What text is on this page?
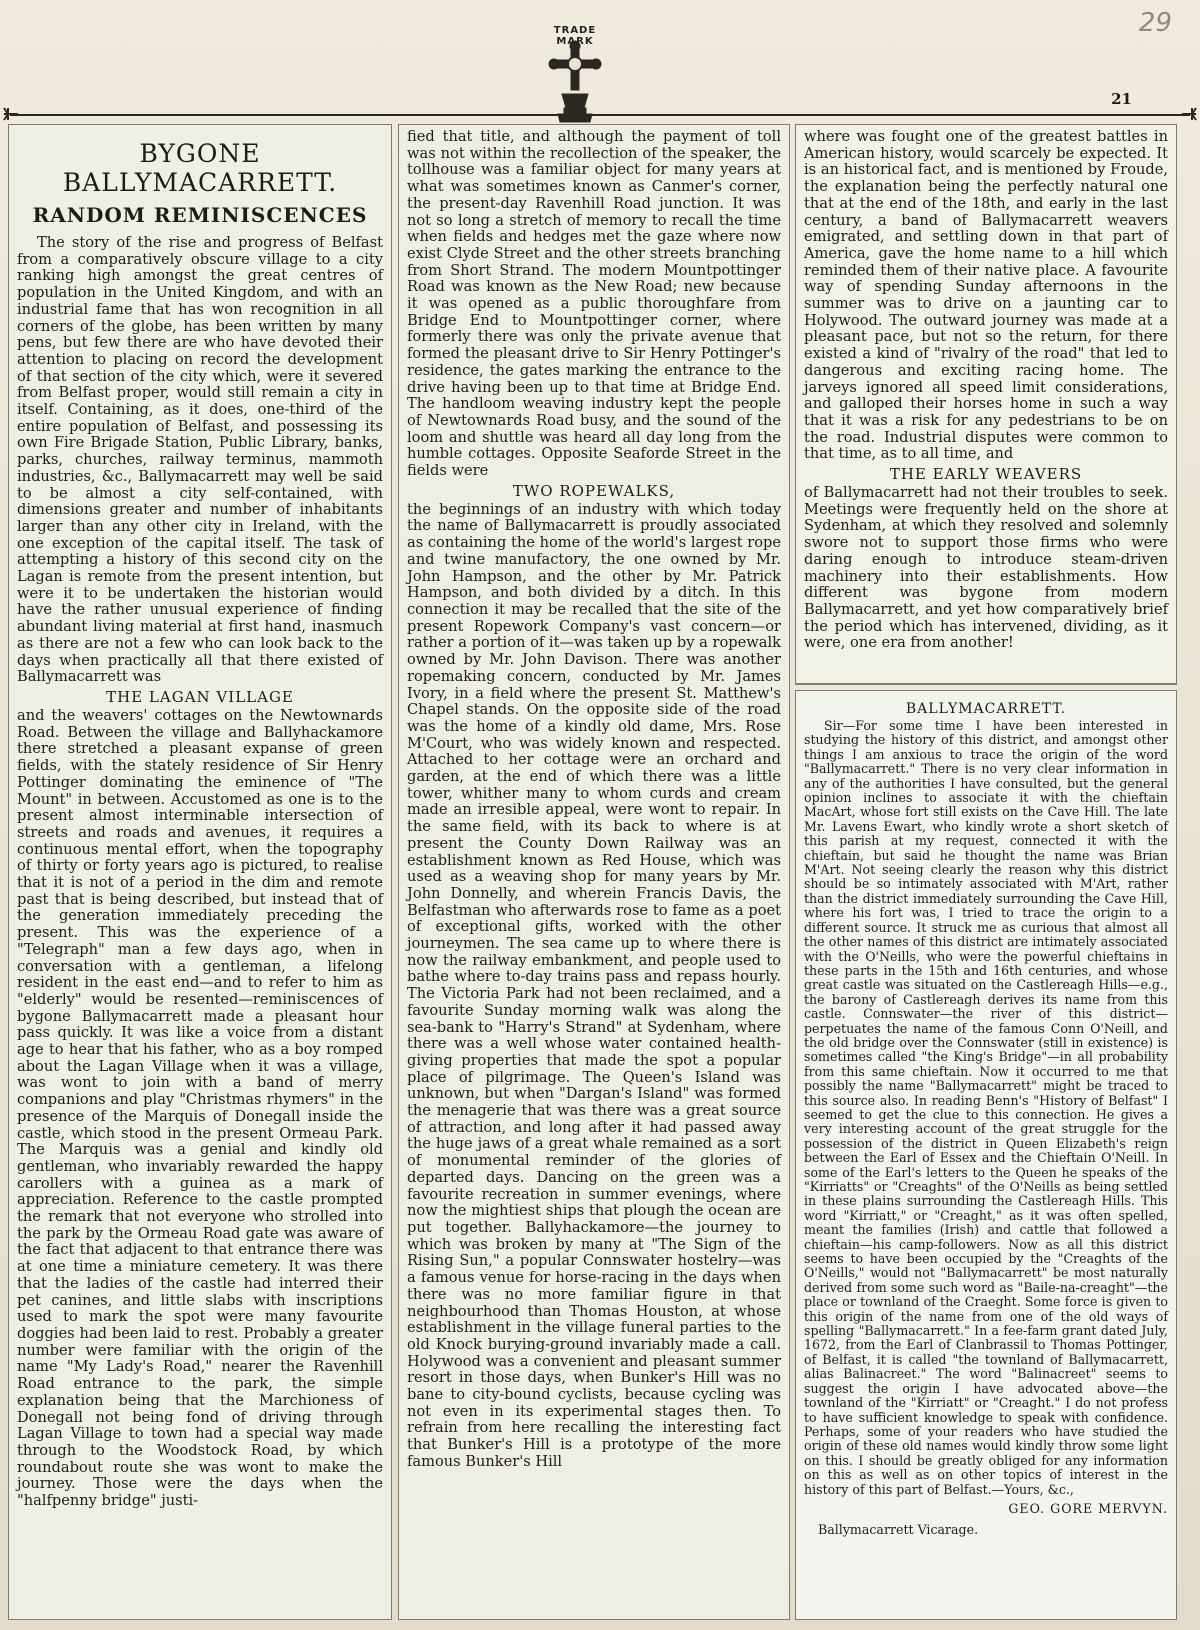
29
TRADE MARK
21
BYGONE BALLYMACARRETT.
RANDOM REMINISCENCES

The story of the rise and progress of Belfast from a comparatively obscure village to a city ranking high amongst the great centres of population in the United Kingdom, and with an industrial fame that has won recognition in all corners of the globe, has been written by many pens, but few there are who have devoted their attention to placing on record the development of that section of the city which, were it severed from Belfast proper, would still remain a city in itself. Containing, as it does, one-third of the entire population of Belfast, and possessing its own Fire Brigade Station, Public Library, banks, parks, churches, railway terminus, mammoth industries, &c., Ballymacarrett may well be said to be almost a city self-contained, with dimensions greater and number of inhabitants larger than any other city in Ireland, with the one exception of the capital itself. The task of attempting a history of this second city on the Lagan is remote from the present intention, but were it to be undertaken the historian would have the rather unusual experience of finding abundant living material at first hand, inasmuch as there are not a few who can look back to the days when practically all that there existed of Ballymacarrett was

THE LAGAN VILLAGE

and the weavers' cottages on the Newtownards Road. Between the village and Ballyhackamore there stretched a pleasant expanse of green fields, with the stately residence of Sir Henry Pottinger dominating the eminence of "The Mount" in between. Accustomed as one is to the present almost interminable intersection of streets and roads and avenues, it requires a continuous mental effort, when the topography of thirty or forty years ago is pictured, to realise that it is not of a period in the dim and remote past that is being described, but instead that of the generation immediately preceding the present. This was the experience of a "Telegraph" man a few days ago, when in conversation with a gentleman, a lifelong resident in the east end—and to refer to him as "elderly" would be resented—reminiscences of bygone Ballymacarrett made a pleasant hour pass quickly. It was like a voice from a distant age to hear that his father, who as a boy romped about the Lagan Village when it was a village, was wont to join with a band of merry companions and play "Christmas rhymers" in the presence of the Marquis of Donegall inside the castle, which stood in the present Ormeau Park. The Marquis was a genial and kindly old gentleman, who invariably rewarded the happy carollers with a guinea as a mark of appreciation. Reference to the castle prompted the remark that not everyone who strolled into the park by the Ormeau Road gate was aware of the fact that adjacent to that entrance there was at one time a miniature cemetery. It was there that the ladies of the castle had interred their pet canines, and little slabs with inscriptions used to mark the spot were many favourite doggies had been laid to rest. Probably a greater number were familiar with the origin of the name "My Lady's Road," nearer the Ravenhill Road entrance to the park, the simple explanation being that the Marchioness of Donegall not being fond of driving through Lagan Village to town had a special way made through to the Woodstock Road, by which roundabout route she was wont to make the journey. Those were the days when the "halfpenny bridge" justi-

fied that title, and although the payment of toll was not within the recollection of the speaker, the tollhouse was a familiar object for many years at what was sometimes known as Canmer's corner, the present-day Ravenhill Road junction. It was not so long a stretch of memory to recall the time when fields and hedges met the gaze where now exist Clyde Street and the other streets branching from Short Strand. The modern Mountpottinger Road was known as the New Road; new because it was opened as a public thoroughfare from Bridge End to Mountpottinger corner, where formerly there was only the private avenue that formed the pleasant drive to Sir Henry Pottinger's residence, the gates marking the entrance to the drive having been up to that time at Bridge End. The handloom weaving industry kept the people of Newtownards Road busy, and the sound of the loom and shuttle was heard all day long from the humble cottages. Opposite Seaforde Street in the fields were

TWO ROPEWALKS,

the beginnings of an industry with which today the name of Ballymacarrett is proudly associated as containing the home of the world's largest rope and twine manufactory, the one owned by Mr. John Hampson, and the other by Mr. Patrick Hampson, and both divided by a ditch. In this connection it may be recalled that the site of the present Ropework Company's vast concern—or rather a portion of it—was taken up by a ropewalk owned by Mr. John Davison. There was another ropemaking concern, conducted by Mr. James Ivory, in a field where the present St. Matthew's Chapel stands. On the opposite side of the road was the home of a kindly old dame, Mrs. Rose M'Court, who was widely known and respected. Attached to her cottage were an orchard and garden, at the end of which there was a little tower, whither many to whom curds and cream made an irresible appeal, were wont to repair. In the same field, with its back to where is at present the County Down Railway was an establishment known as Red House, which was used as a weaving shop for many years by Mr. John Donnelly, and wherein Francis Davis, the Belfastman who afterwards rose to fame as a poet of exceptional gifts, worked with the other journeymen. The sea came up to where there is now the railway embankment, and people used to bathe where to-day trains pass and repass hourly. The Victoria Park had not been reclaimed, and a favourite Sunday morning walk was along the sea-bank to "Harry's Strand" at Sydenham, where there was a well whose water contained health-giving properties that made the spot a popular place of pilgrimage. The Queen's Island was unknown, but when "Dargan's Island" was formed the menagerie that was there was a great source of attraction, and long after it had passed away the huge jaws of a great whale remained as a sort of monumental reminder of the glories of departed days. Dancing on the green was a favourite recreation in summer evenings, where now the mightiest ships that plough the ocean are put together. Ballyhackamore—the journey to which was broken by many at "The Sign of the Rising Sun," a popular Connswater hostelry—was a famous venue for horse-racing in the days when there was no more familiar figure in that neighbourhood than Thomas Houston, at whose establishment in the village funeral parties to the old Knock burying-ground invariably made a call. Holywood was a convenient and pleasant summer resort in those days, when Bunker's Hill was no bane to city-bound cyclists, because cycling was not even in its experimental stages then. To refrain from here recalling the interesting fact that Bunker's Hill is a prototype of the more famous Bunker's Hill

where was fought one of the greatest battles in American history, would scarcely be expected. It is an historical fact, and is mentioned by Froude, the explanation being the perfectly natural one that at the end of the 18th, and early in the last century, a band of Ballymacarrett weavers emigrated, and settling down in that part of America, gave the home name to a hill which reminded them of their native place. A favourite way of spending Sunday afternoons in the summer was to drive on a jaunting car to Holywood. The outward journey was made at a pleasant pace, but not so the return, for there existed a kind of "rivalry of the road" that led to dangerous and exciting racing home. The jarveys ignored all speed limit considerations, and galloped their horses home in such a way that it was a risk for any pedestrians to be on the road. Industrial disputes were common to that time, as to all time, and

THE EARLY WEAVERS

of Ballymacarrett had not their troubles to seek. Meetings were frequently held on the shore at Sydenham, at which they resolved and solemnly swore not to support those firms who were daring enough to introduce steam-driven machinery into their establishments. How different was bygone from modern Ballymacarrett, and yet how comparatively brief the period which has intervened, dividing, as it were, one era from another!

BALLYMACARRETT.

Sir—For some time I have been interested in studying the history of this district, and amongst other things I am anxious to trace the origin of the word "Ballymacarrett." There is no very clear information in any of the authorities I have consulted, but the general opinion inclines to associate it with the chieftain MacArt, whose fort still exists on the Cave Hill. The late Mr. Lavens Ewart, who kindly wrote a short sketch of this parish at my request, connected it with the chieftain, but said he thought the name was Brian M'Art. Not seeing clearly the reason why this district should be so intimately associated with M'Art, rather than the district immediately surrounding the Cave Hill, where his fort was, I tried to trace the origin to a different source. It struck me as curious that almost all the other names of this district are intimately associated with the O'Neills, who were the powerful chieftains in these parts in the 15th and 16th centuries, and whose great castle was situated on the Castlereagh Hills—e.g., the barony of Castlereagh derives its name from this castle. Connswater—the river of this district—perpetuates the name of the famous Conn O'Neill, and the old bridge over the Connswater (still in existence) is sometimes called "the King's Bridge"—in all probability from this same chieftain. Now it occurred to me that possibly the name "Ballymacarrett" might be traced to this source also. In reading Benn's "History of Belfast" I seemed to get the clue to this connection. He gives a very interesting account of the great struggle for the possession of the district in Queen Elizabeth's reign between the Earl of Essex and the Chieftain O'Neill. In some of the Earl's letters to the Queen he speaks of the "Kirriatts" or "Creaghts" of the O'Neills as being settled in these plains surrounding the Castlereagh Hills. This word "Kirriatt," or "Creaght," as it was often spelled, meant the families (Irish) and cattle that followed a chieftain—his camp-followers. Now as all this district seems to have been occupied by the "Creaghts of the O'Neills," would not "Ballymacarrett" be most naturally derived from some such word as "Baile-na-creaght"—the place or townland of the Craeght. Some force is given to this origin of the name from one of the old ways of spelling "Ballymacarrett." In a fee-farm grant dated July, 1672, from the Earl of Clanbrassil to Thomas Pottinger, of Belfast, it is called "the townland of Ballymacarrett, alias Balinacreet." The word "Balinacreet" seems to suggest the origin I have advocated above—the townland of the "Kirriatt" or "Creaght." I do not profess to have sufficient knowledge to speak with confidence. Perhaps, some of your readers who have studied the origin of these old names would kindly throw some light on this. I should be greatly obliged for any information on this as well as on other topics of interest in the history of this part of Belfast.—Yours, &c.,

GEO. GORE MERVYN.
Ballymacarrett Vicarage.
